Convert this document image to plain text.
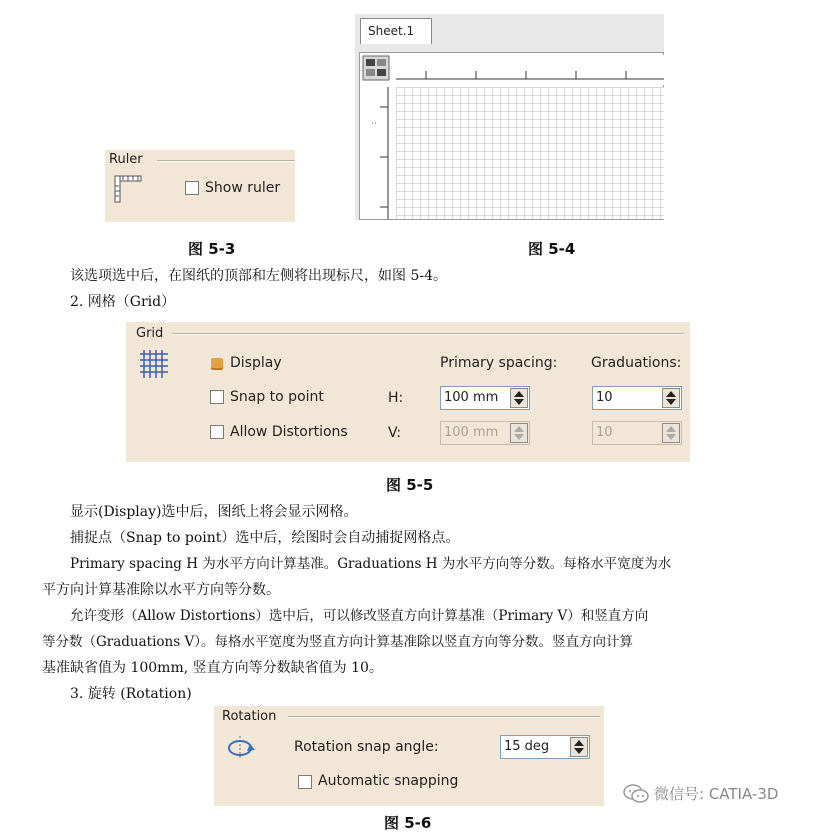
Ruler
Show ruler
图 5-3
Sheet.1
图 5-4
该选项选中后，在图纸的顶部和左侧将出现标尺，如图 5-4。
2. 网格（Grid）
Grid
Display
Snap to point
Allow Distortions
Primary spacing: Graduations:
H:	100 mm	10
V:	100 mm	10
图 5-5
显示(Display)选中后，图纸上将会显示网格。
捕捉点（Snap to point）选中后，绘图时会自动捕捉网格点。
Primary spacing H 为水平方向计算基准。Graduations H 为水平方向等分数。每格水平宽度为水
平方向计算基准除以水平方向等分数。
允许变形（Allow Distortions）选中后，可以修改竖直方向计算基准（Primary V）和竖直方向
等分数（Graduations V）。每格水平宽度为竖直方向计算基准除以竖直方向等分数。竖直方向计算
基准缺省值为 100mm, 竖直方向等分数缺省值为 10。
3. 旋转 (Rotation)
Rotation
Rotation snap angle:	15 deg
Automatic snapping
图 5-6
微信号: CATIA-3D
